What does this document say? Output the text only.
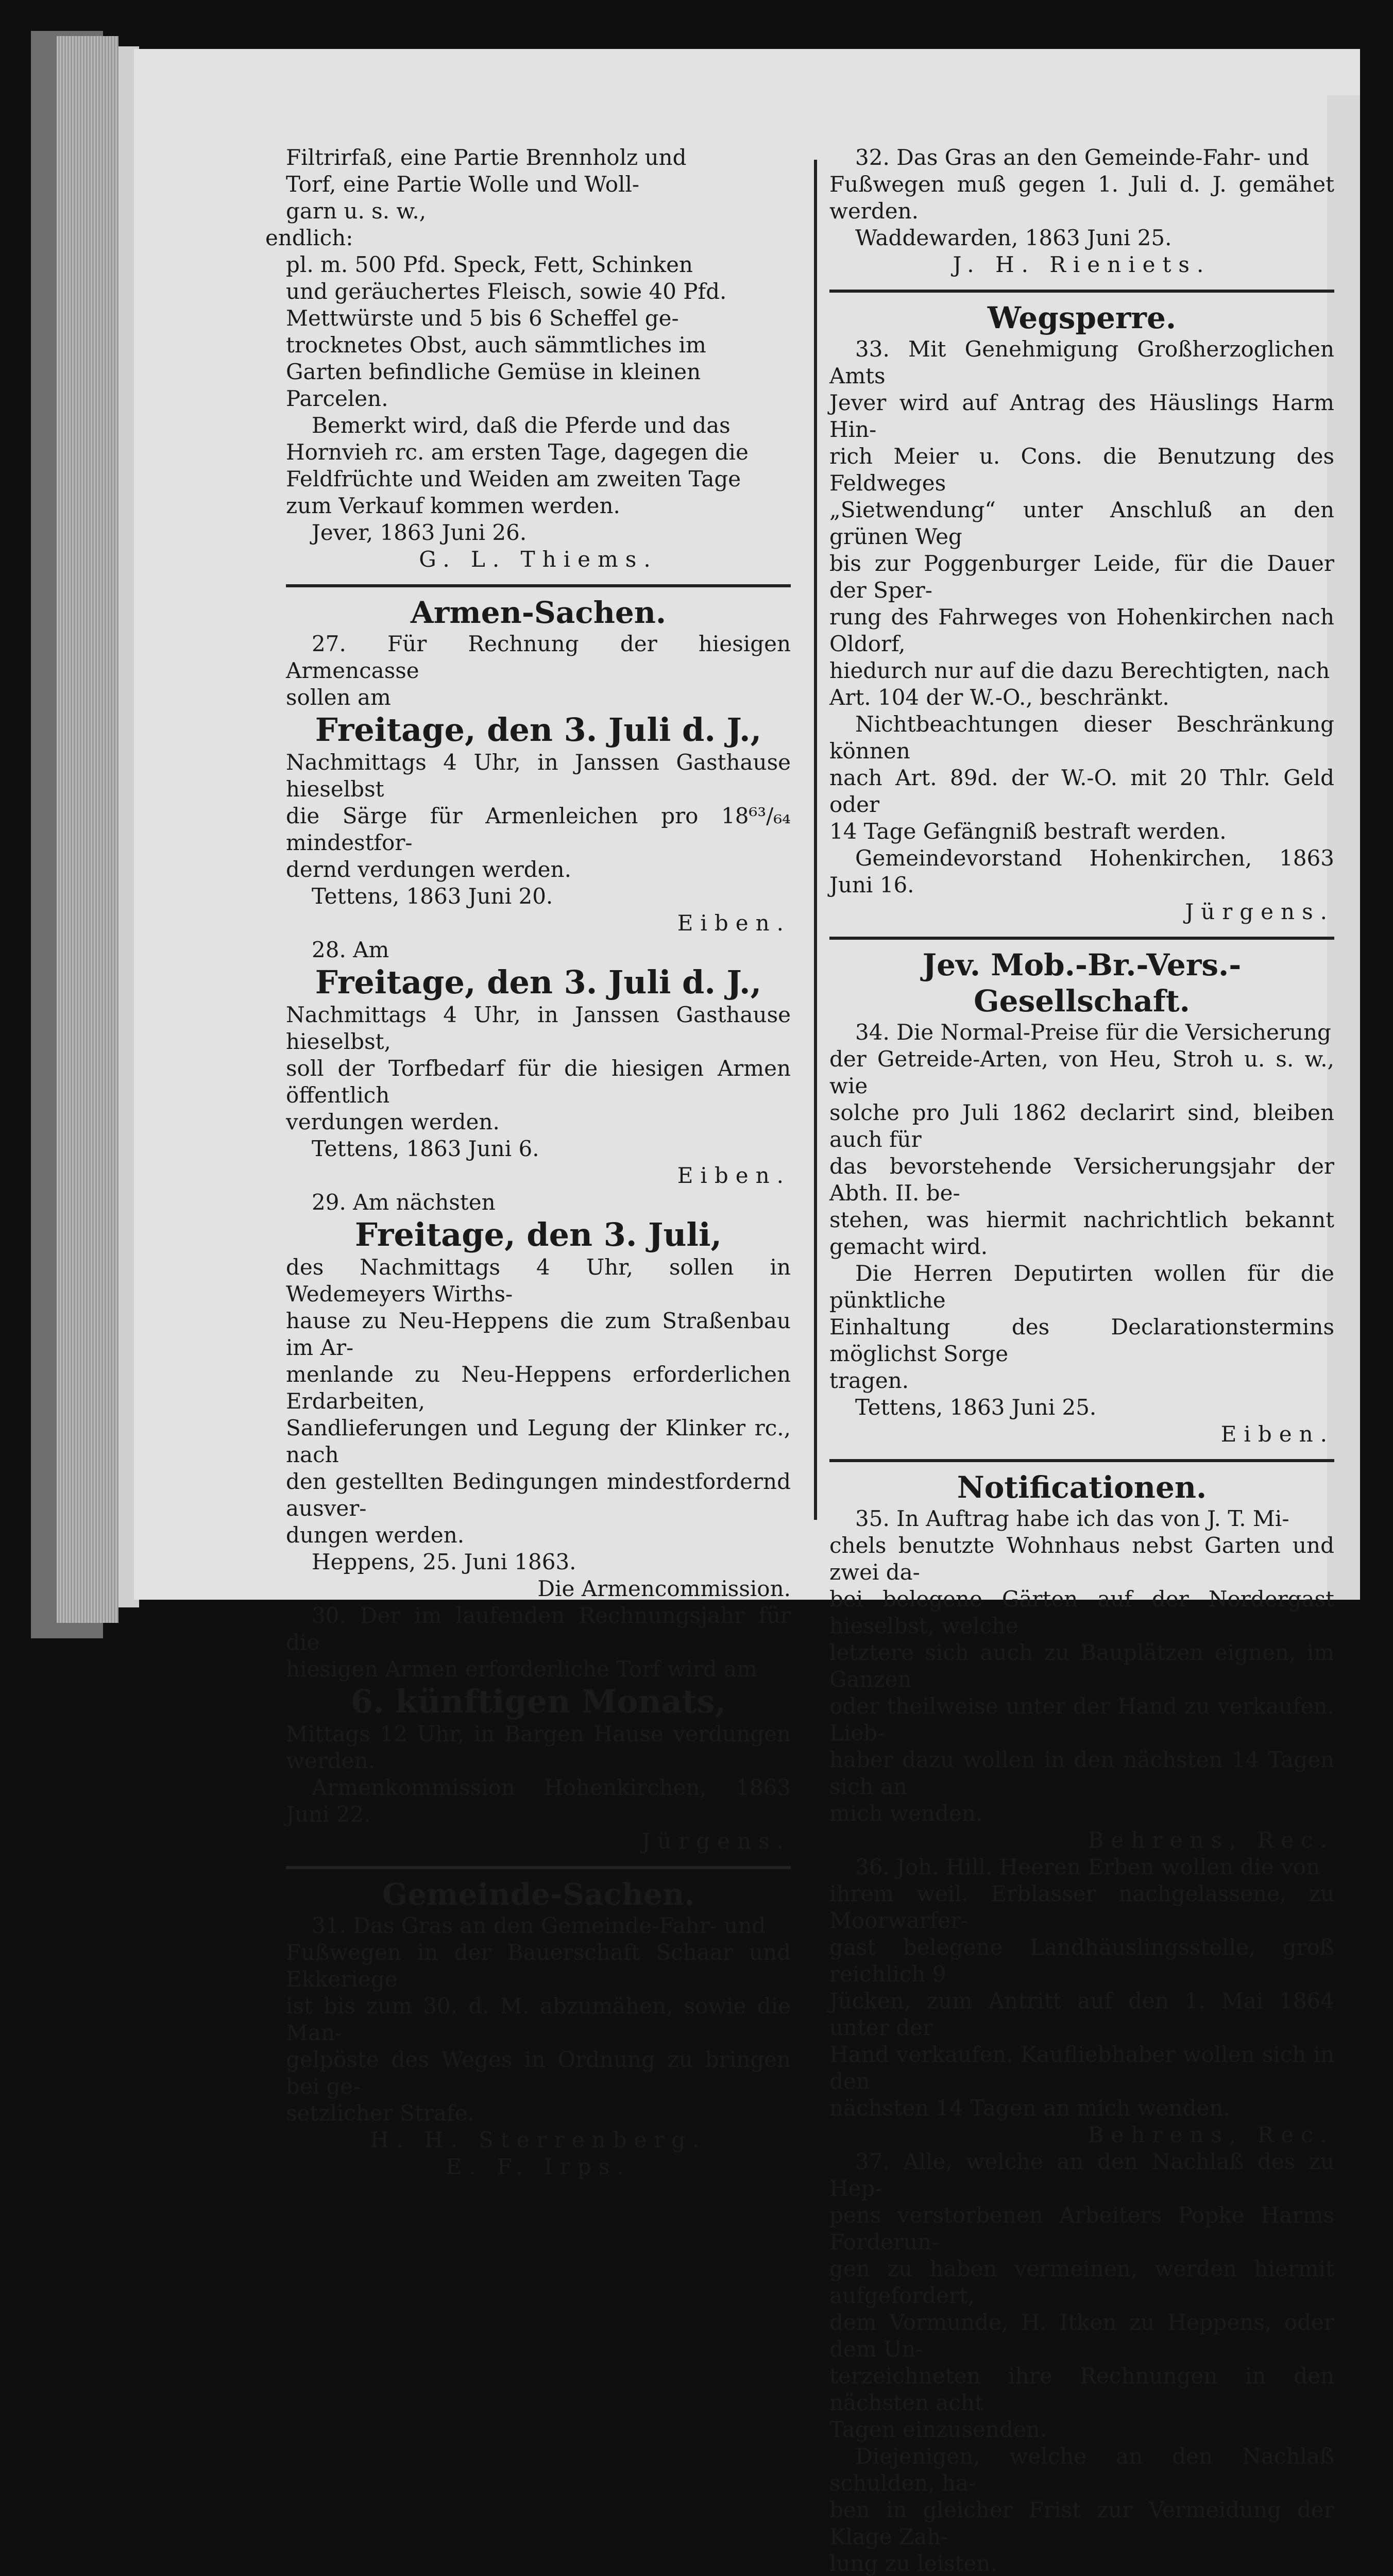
Filtrirfaß, eine Partie Brennholz und

Torf, eine Partie Wolle und Woll-

garn u. s. w.,

endlich:

pl. m. 500 Pfd. Speck, Fett, Schinken

und geräuchertes Fleisch, sowie 40 Pfd.

Mettwürste und 5 bis 6 Scheffel ge-

trocknetes Obst, auch sämmtliches im

Garten befindliche Gemüse in kleinen

Parcelen.

Bemerkt wird, daß die Pferde und das

Hornvieh rc. am ersten Tage, dagegen die

Feldfrüchte und Weiden am zweiten Tage

zum Verkauf kommen werden.

Jever, 1863 Juni 26.

G. L. Thiems.

Armen-Sachen.

27. Für Rechnung der hiesigen Armencasse

sollen am

Freitage, den 3. Juli d. J.,

Nachmittags 4 Uhr, in Janssen Gasthause hieselbst

die Särge für Armenleichen pro 18⁶³/₆₄ mindestfor-

dernd verdungen werden.

Tettens, 1863 Juni 20.

Eiben.

28. Am

Freitage, den 3. Juli d. J.,

Nachmittags 4 Uhr, in Janssen Gasthause hieselbst,

soll der Torfbedarf für die hiesigen Armen öffentlich

verdungen werden.

Tettens, 1863 Juni 6.

Eiben.

29. Am nächsten

Freitage, den 3. Juli,

des Nachmittags 4 Uhr, sollen in Wedemeyers Wirths-

hause zu Neu-Heppens die zum Straßenbau im Ar-

menlande zu Neu-Heppens erforderlichen Erdarbeiten,

Sandlieferungen und Legung der Klinker rc., nach

den gestellten Bedingungen mindestfordernd ausver-

dungen werden.

Heppens, 25. Juni 1863.

Die Armencommission.

30. Der im laufenden Rechnungsjahr für die

hiesigen Armen erforderliche Torf wird am

6. künftigen Monats,

Mittags 12 Uhr, in Bargen Hause verdungen werden.

Armenkommission Hohenkirchen, 1863 Juni 22.

Jürgens.

Gemeinde-Sachen.

31. Das Gras an den Gemeinde-Fahr- und

Fußwegen in der Bauerschaft Schaar und Ekkeriege

ist bis zum 30. d. M. abzumähen, sowie die Man-

gelpöste des Weges in Ordnung zu bringen bei ge-

setzlicher Strafe.

H. H. Sterrenberg.

E. F. Irps.

32. Das Gras an den Gemeinde-Fahr- und

Fußwegen muß gegen 1. Juli d. J. gemähet werden.

Waddewarden, 1863 Juni 25.

J. H. Rieniets.

Wegsperre.

33. Mit Genehmigung Großherzoglichen Amts

Jever wird auf Antrag des Häuslings Harm Hin-

rich Meier u. Cons. die Benutzung des Feldweges

„Sietwendung“ unter Anschluß an den grünen Weg

bis zur Poggenburger Leide, für die Dauer der Sper-

rung des Fahrweges von Hohenkirchen nach Oldorf,

hiedurch nur auf die dazu Berechtigten, nach

Art. 104 der W.-O., beschränkt.

Nichtbeachtungen dieser Beschränkung können

nach Art. 89d. der W.-O. mit 20 Thlr. Geld oder

14 Tage Gefängniß bestraft werden.

Gemeindevorstand Hohenkirchen, 1863 Juni 16.

Jürgens.

Jev. Mob.-Br.-Vers.-Gesellschaft.

34. Die Normal-Preise für die Versicherung

der Getreide-Arten, von Heu, Stroh u. s. w., wie

solche pro Juli 1862 declarirt sind, bleiben auch für

das bevorstehende Versicherungsjahr der Abth. II. be-

stehen, was hiermit nachrichtlich bekannt gemacht wird.

Die Herren Deputirten wollen für die pünktliche

Einhaltung des Declarationstermins möglichst Sorge

tragen.

Tettens, 1863 Juni 25.

Eiben.

Notificationen.

35. In Auftrag habe ich das von J. T. Mi-

chels benutzte Wohnhaus nebst Garten und zwei da-

bei belegene Gärten auf der Nordergast hieselbst, welche

letztere sich auch zu Bauplätzen eignen, im Ganzen

oder theilweise unter der Hand zu verkaufen. Lieb-

haber dazu wollen in den nächsten 14 Tagen sich an

mich wenden.

Behrens, Rec.

36. Joh. Hill. Heeren Erben wollen die von

ihrem weil. Erblasser nachgelassene, zu Moorwarfer-

gast belegene Landhäuslingsstelle, groß reichlich 9

Jücken, zum Antritt auf den 1. Mai 1864 unter der

Hand verkaufen. Kaufliebhaber wollen sich in den

nächsten 14 Tagen an mich wenden.

Behrens, Rec.

37. Alle, welche an den Nachlaß des zu Hep-

pens verstorbenen Arbeiters Popke Harms Forderun-

gen zu haben vermeinen, werden hiermit aufgefordert,

dem Vormunde, H. Itken zu Heppens, oder dem Un-

terzeichneten ihre Rechnungen in den nächsten acht

Tagen einzusenden.

Diejenigen, welche an den Nachlaß schulden, ha-

ben in gleicher Frist zur Vermeidung der Klage Zah-

lung zu leisten.
